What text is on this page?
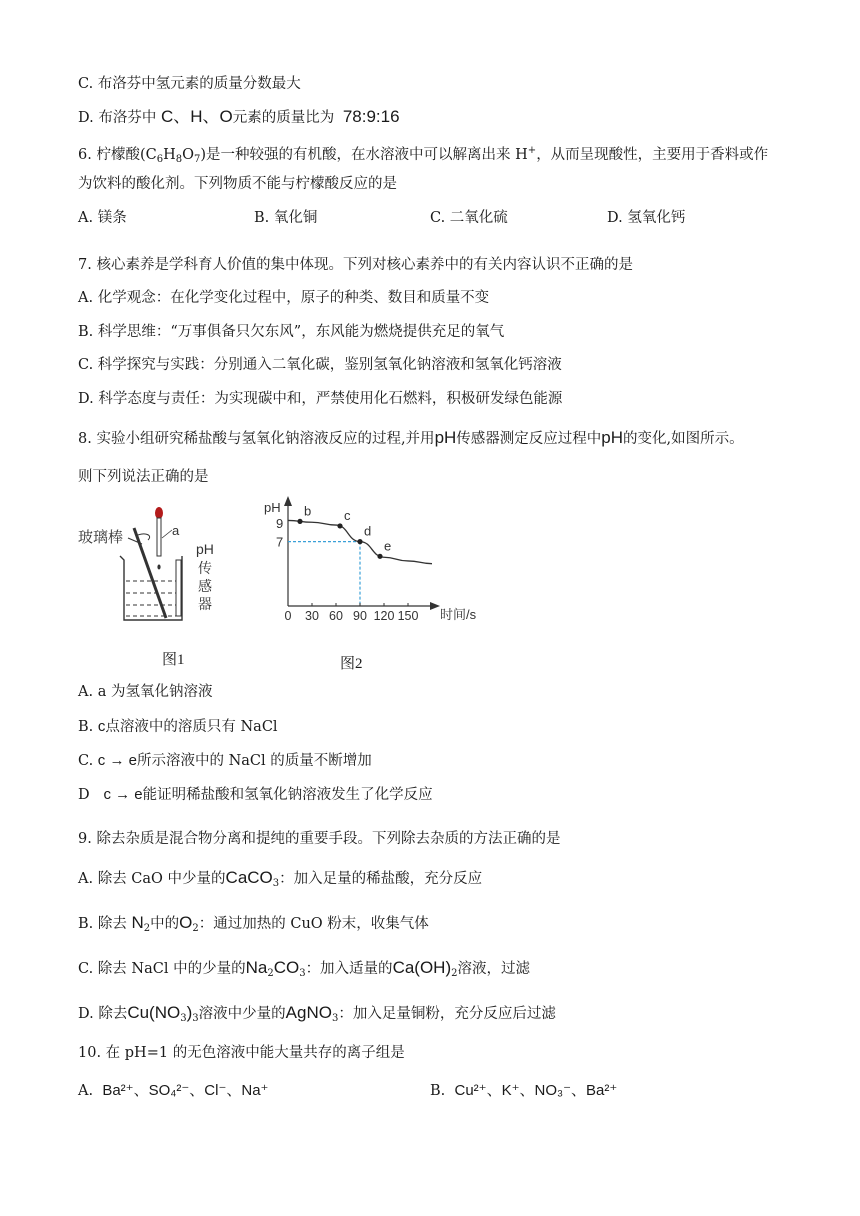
C. 布洛芬中氢元素的质量分数最大
D. 布洛芬中 C、H、O元素的质量比为 78:9:16
6. 柠檬酸$(C_6H_8O_7)$是一种较强的有机酸，在水溶液中可以解离出来 H+，从而呈现酸性，主要用于香料或作
为饮料的酸化剂。下列物质不能与柠檬酸反应的是
A. 镁条	B. 氧化铜	C. 二氧化硫	D. 氢氧化钙
7. 核心素养是学科育人价值的集中体现。下列对核心素养中的有关内容认识不正确的是
A. 化学观念：在化学变化过程中，原子的种类、数目和质量不变
B. 科学思维：“万事俱备只欠东风”，东风能为燃烧提供充足的氧气
C. 科学探究与实践：分别通入二氧化碳，鉴别氢氧化钠溶液和氢氧化钙溶液
D. 科学态度与责任：为实现碳中和，严禁使用化石燃料，积极研发绿色能源
8. 实验小组研究稀盐酸与氢氧化钠溶液反应的过程,并用pH传感器测定反应过程中pH的变化,如图所示。
则下列说法正确的是
玻璃棒	a
pH
传
感
器
图1
pH
时间/s
9
7
0 30 60 90 120 150
b	c
d
e
图2
A. a 为氢氧化钠溶液
B. c点溶液中的溶质只有 NaCl
C. c → e所示溶液中的 NaCl 的质量不断增加
D c → e能证明稀盐酸和氢氧化钠溶液发生了化学反应
9. 除去杂质是混合物分离和提纯的重要手段。下列除去杂质的方法正确的是
A. 除去 CaO 中少量的CaCO$_3$：加入足量的稀盐酸，充分反应
B. 除去 $N_2$中的$O_2$：通过加热的 CuO 粉末，收集气体
C. 除去 NaCl 中的少量的$Na_2CO_3$：加入适量的$Ca(OH)_2$溶液，过滤
D. 除去$Cu(NO_3)_3$溶液中少量的AgNO$_3$：加入足量铜粉，充分反应后过滤
10. 在 pH=1 的无色溶液中能大量共存的离子组是
A. Ba²⁺、SO₄²⁻、Cl⁻、Na⁺	B. Cu²⁺、K⁺、NO₃⁻、Ba²⁺
